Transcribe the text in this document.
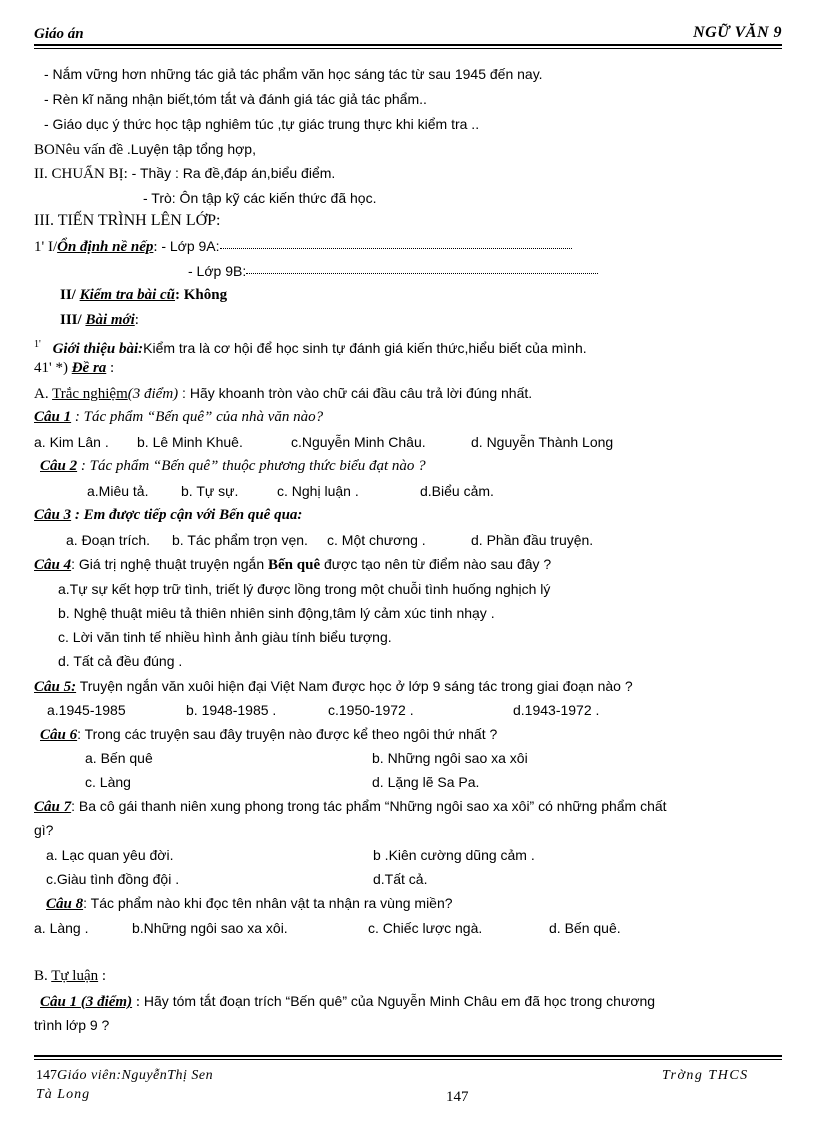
Giáo án	NGỮ VĂN 9
- Nắm vững hơn những tác giả tác phẩm văn học sáng tác từ sau 1945 đến nay.
- Rèn kĩ năng nhận biết,tóm tắt và đánh giá tác giả tác phẩm..
- Giáo dục ý thức học tập nghiêm túc ,tự giác trung thực khi kiểm tra ..
BONêu vấn đề .Luyện tập tổng hợp,
II. CHUẨN BỊ: - Thầy : Ra đề,đáp án,biểu điểm.
- Trò: Ôn tập kỹ các kiến thức đã học.
III. TIẾN TRÌNH LÊN LỚP:
1' I/Ổn định nề nếp: - Lớp 9A:
- Lớp 9B:
II/ Kiểm tra bài cũ: Không
III/ Bài mới:
$^{1'}$ Giới thiệu bài:Kiểm tra là cơ hội để học sinh tự đánh giá kiến thức,hiểu biết của mình.
41' *) Đề ra :
A. Trắc nghiệm(3 điểm) : Hãy khoanh tròn vào chữ cái đầu câu trả lời đúng nhất.
Câu 1 : Tác phẩm “Bến quê” của nhà văn nào?
a. Kim Lân . b. Lê Minh Khuê.	c.Nguyễn Minh Châu.	d. Nguyễn Thành Long
Câu 2 : Tác phẩm “Bến quê” thuộc phương thức biểu đạt nào ?
a.Miêu tả. b. Tự sự.	c. Nghị luận .	d.Biểu cảm.
Câu 3 : Em được tiếp cận với Bến quê qua:
a. Đoạn trích. b. Tác phẩm trọn vẹn. c. Một chương .	d. Phần đầu truyện.
Câu 4: Giá trị nghệ thuật truyện ngắn Bến quê được tạo nên từ điểm nào sau đây ?
a.Tự sự kết hợp trữ tình, triết lý được lồng trong một chuỗi tình huống nghịch lý
b. Nghệ thuật miêu tả thiên nhiên sinh động,tâm lý cảm xúc tinh nhạy .
c. Lời văn tinh tế nhiều hình ảnh giàu tính biểu tượng.
d. Tất cả đều đúng .
Câu 5: Truyện ngắn văn xuôi hiện đại Việt Nam được học ở lớp 9 sáng tác trong giai đoạn nào ?
a.1945-1985	b. 1948-1985 .	c.1950-1972 .	d.1943-1972 .
Câu 6: Trong các truyện sau đây truyện nào được kể theo ngôi thứ nhất ?
a. Bến quê	b. Những ngôi sao xa xôi
c. Làng	d. Lặng lẽ Sa Pa.
Câu 7: Ba cô gái thanh niên xung phong trong tác phẩm “Những ngôi sao xa xôi” có những phẩm chất
gì?
a. Lạc quan yêu đời.	b .Kiên cường dũng cảm .
c.Giàu tình đồng đội .	d.Tất cả.
Câu 8: Tác phẩm nào khi đọc tên nhân vật ta nhận ra vùng miền?
a. Làng .	b.Những ngôi sao xa xôi.	c. Chiếc lược ngà.	d. Bến quê.
B. Tự luận :
Câu 1 (3 điểm) : Hãy tóm tắt đoạn trích “Bến quê” của Nguyễn Minh Châu em đã học trong chương
trình lớp 9 ?
147Giáo viên:NguyễnThị Sen
Tà Long	147
Trờng THCS
